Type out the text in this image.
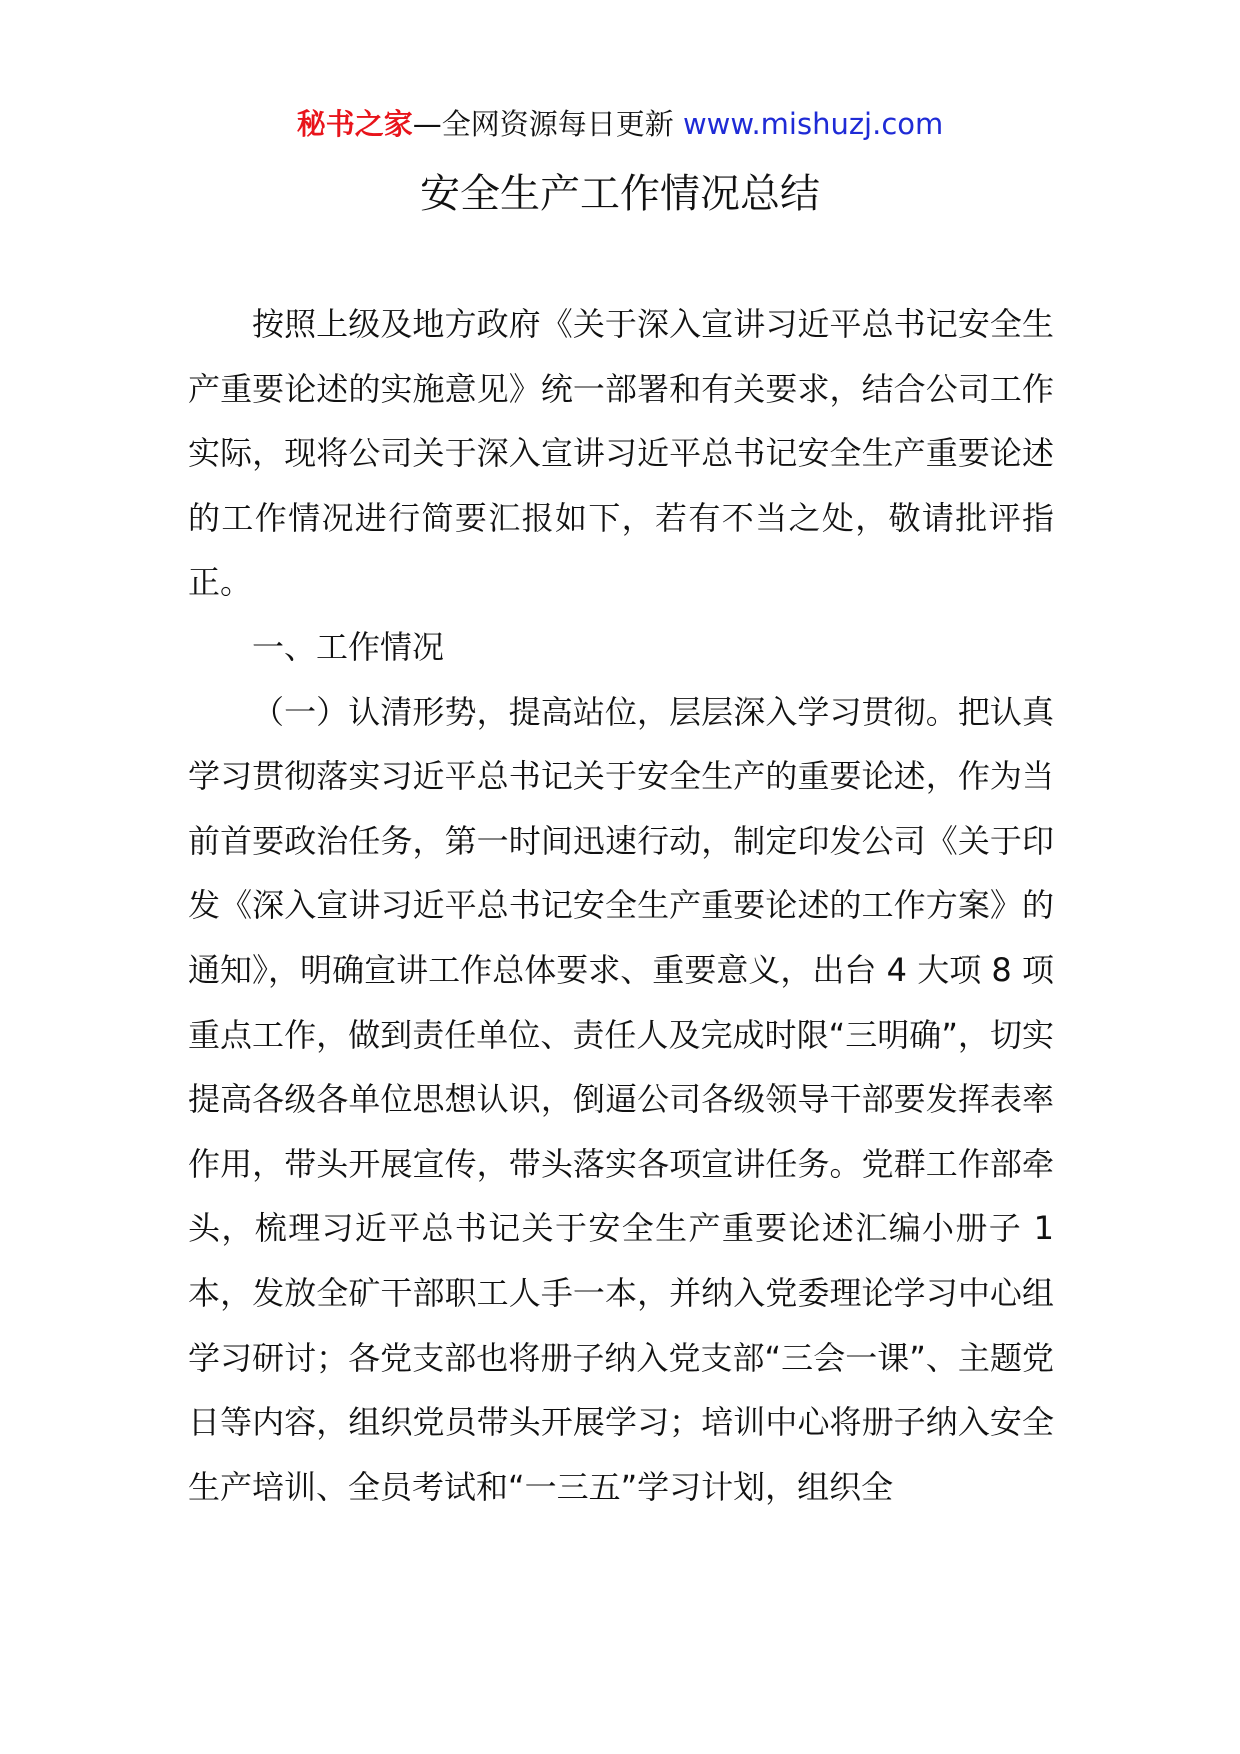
秘书之家—全网资源每日更新 www.mishuzj.com
安全生产工作情况总结

按照上级及地方政府《关于深入宣讲习近平总书记安全生产重要论述的实施意见》统一部署和有关要求，结合公司工作实际，现将公司关于深入宣讲习近平总书记安全生产重要论述的工作情况进行简要汇报如下，若有不当之处，敬请批评指正。

一、工作情况

（一）认清形势，提高站位，层层深入学习贯彻。把认真学习贯彻落实习近平总书记关于安全生产的重要论述，作为当前首要政治任务，第一时间迅速行动，制定印发公司《关于印发《深入宣讲习近平总书记安全生产重要论述的工作方案》的通知》，明确宣讲工作总体要求、重要意义，出台 4 大项 8 项重点工作，做到责任单位、责任人及完成时限“三明确”，切实提高各级各单位思想认识，倒逼公司各级领导干部要发挥表率作用，带头开展宣传，带头落实各项宣讲任务。党群工作部牵头，梳理习近平总书记关于安全生产重要论述汇编小册子 1 本，发放全矿干部职工人手一本，并纳入党委理论学习中心组学习研讨；各党支部也将册子纳入党支部“三会一课”、主题党日等内容，组织党员带头开展学习；培训中心将册子纳入安全生产培训、全员考试和“一三五”学习计划，组织全
